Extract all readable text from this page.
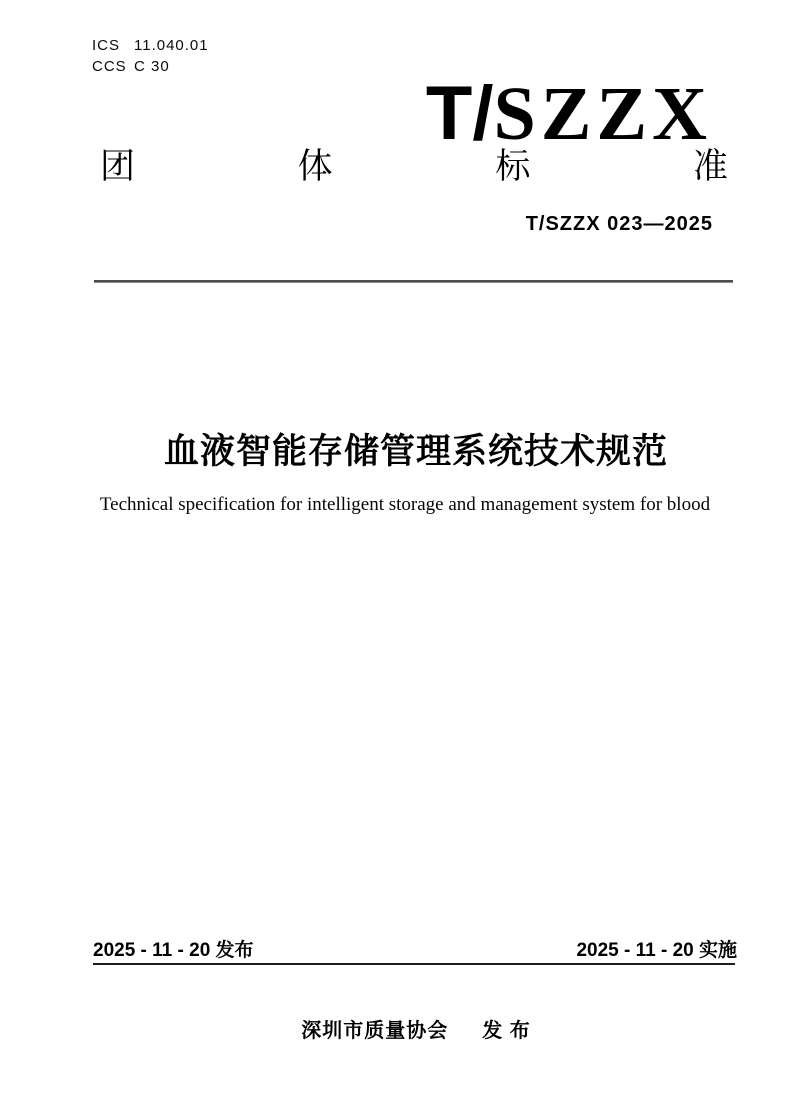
ICS 11.040.01
CCS C 30
T/SZZX
团	体	标	准
T/SZZX 023—2025
血液智能存储管理系统技术规范
Technical specification for intelligent storage and management system for blood
2025 - 11 - 20 发布	2025 - 11 - 20 实施
深圳市质量协会 发 布
